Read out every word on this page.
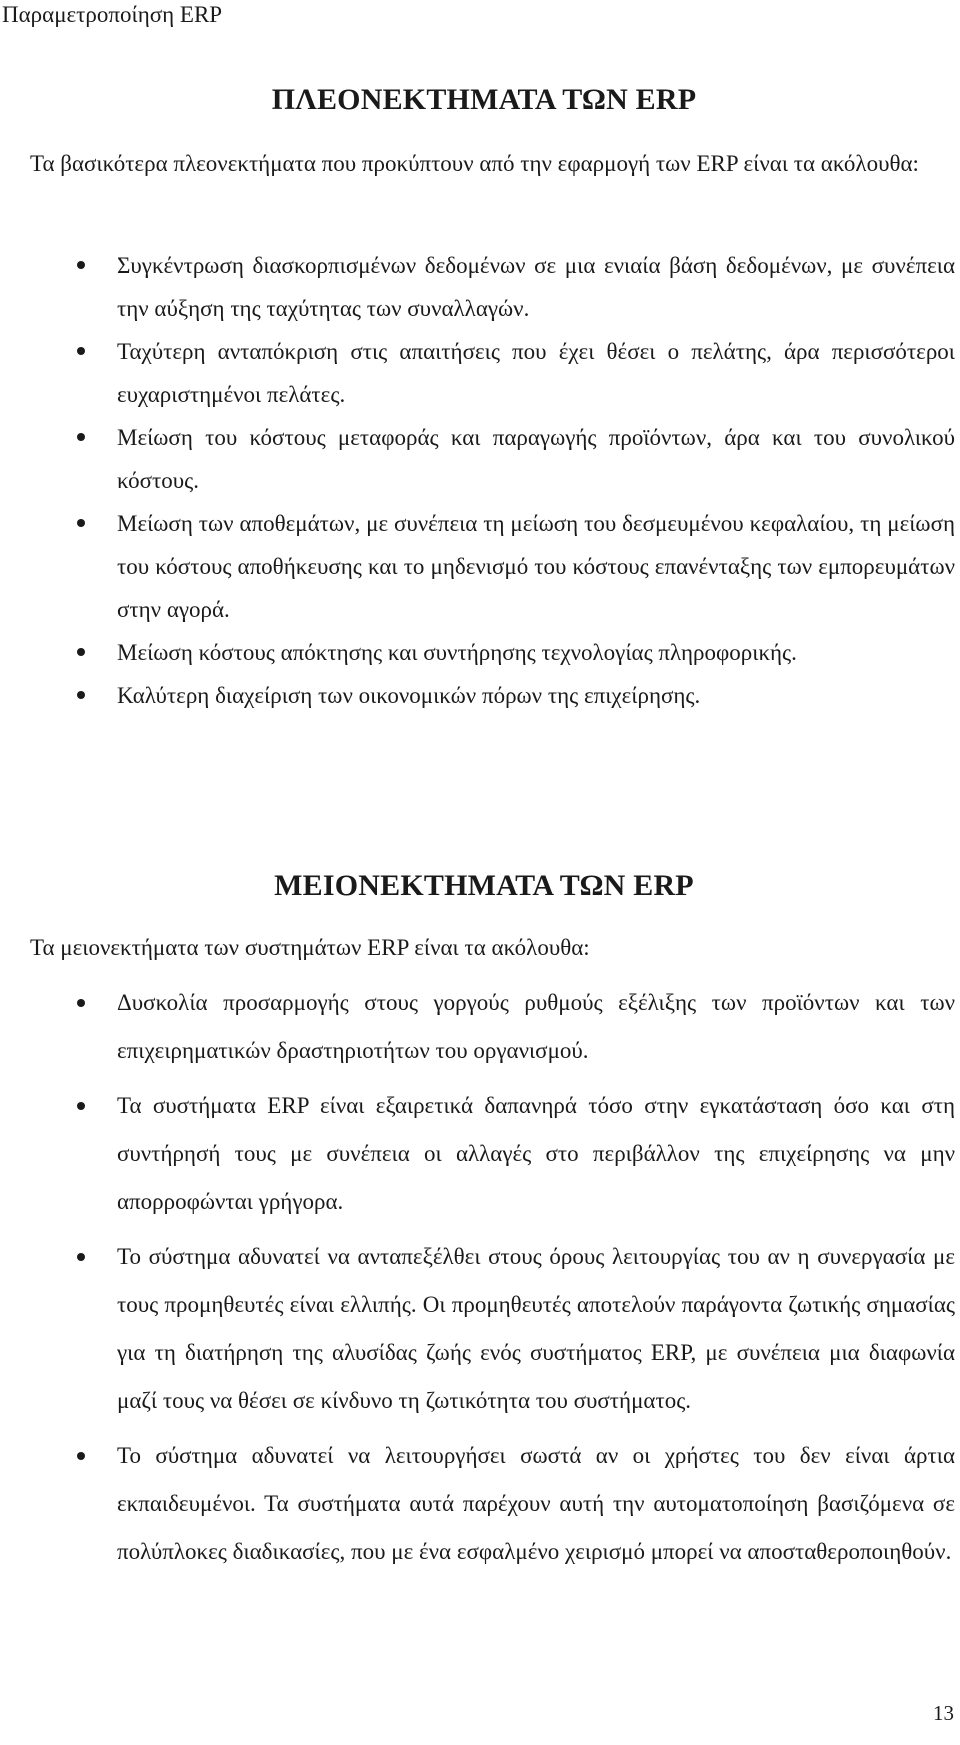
Παραμετροποίηση ERP
ΠΛΕΟΝΕΚΤΗΜΑΤΑ ΤΩΝ ERP
Τα βασικότερα πλεονεκτήματα που προκύπτουν από την εφαρμογή των ERP είναι τα ακόλουθα:
Συγκέντρωση διασκορπισμένων δεδομένων σε μια ενιαία βάση δεδομένων, με συνέπεια την αύξηση της ταχύτητας των συναλλαγών.
Ταχύτερη ανταπόκριση στις απαιτήσεις που έχει θέσει ο πελάτης, άρα περισσότεροι ευχαριστημένοι πελάτες.
Μείωση του κόστους μεταφοράς και παραγωγής προϊόντων, άρα και του συνολικού κόστους.
Μείωση των αποθεμάτων, με συνέπεια τη μείωση του δεσμευμένου κεφαλαίου, τη μείωση του κόστους αποθήκευσης και το μηδενισμό του κόστους επανένταξης των εμπορευμάτων στην αγορά.
Μείωση κόστους απόκτησης και συντήρησης τεχνολογίας πληροφορικής.
Καλύτερη διαχείριση των οικονομικών πόρων της επιχείρησης.
ΜΕΙΟΝΕΚΤΗΜΑΤΑ ΤΩΝ ERP
Τα μειονεκτήματα των συστημάτων ERP είναι τα ακόλουθα:
Δυσκολία προσαρμογής στους γοργούς ρυθμούς εξέλιξης των προϊόντων και των επιχειρηματικών δραστηριοτήτων του οργανισμού.
Τα συστήματα ERP είναι εξαιρετικά δαπανηρά τόσο στην εγκατάσταση όσο και στη συντήρησή τους με συνέπεια οι αλλαγές στο περιβάλλον της επιχείρησης να μην απορροφώνται γρήγορα.
Το σύστημα αδυνατεί να ανταπεξέλθει στους όρους λειτουργίας του αν η συνεργασία με τους προμηθευτές είναι ελλιπής. Οι προμηθευτές αποτελούν παράγοντα ζωτικής σημασίας για τη διατήρηση της αλυσίδας ζωής ενός συστήματος ERP, με συνέπεια μια διαφωνία μαζί τους να θέσει σε κίνδυνο τη ζωτικότητα του συστήματος.
Το σύστημα αδυνατεί να λειτουργήσει σωστά αν οι χρήστες του δεν είναι άρτια εκπαιδευμένοι. Τα συστήματα αυτά παρέχουν αυτή την αυτοματοποίηση βασιζόμενα σε πολύπλοκες διαδικασίες, που με ένα εσφαλμένο χειρισμό μπορεί να αποσταθεροποιηθούν.
13
